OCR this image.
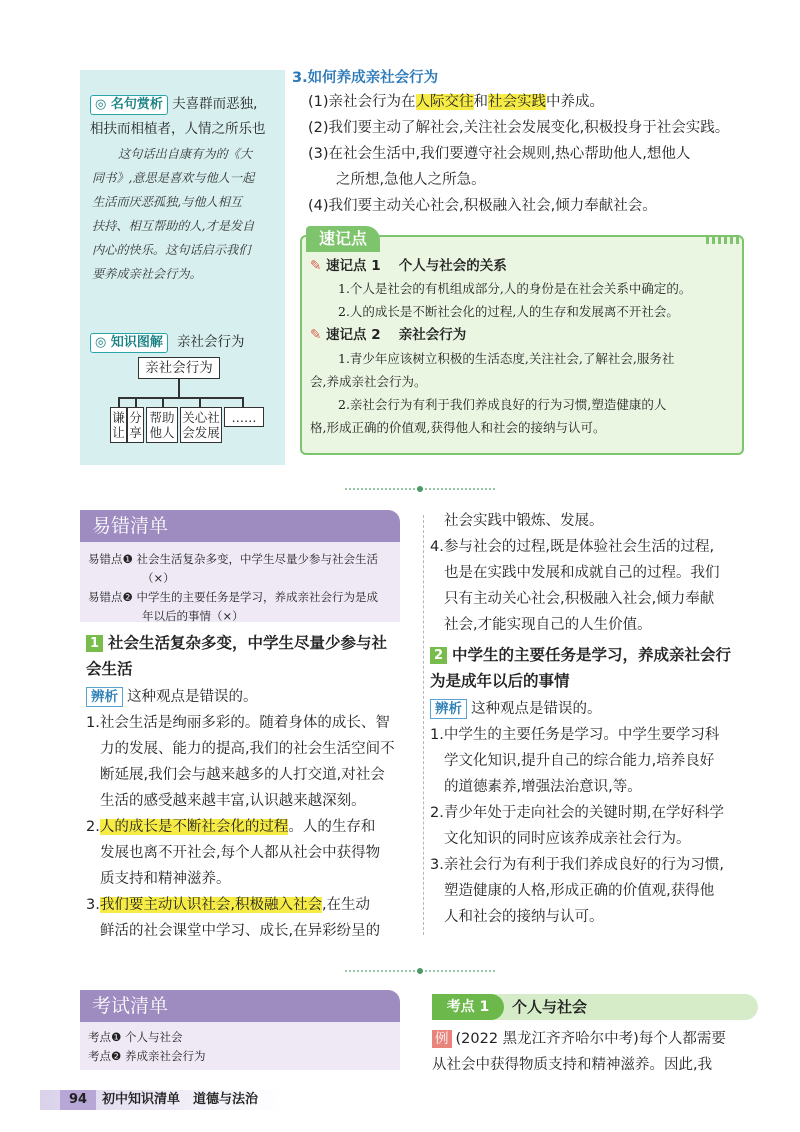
◎ 名句赏析 夫喜群而恶独,
相扶而相植者，人情之所乐也
这句话出自康有为的《大
同书》,意思是喜欢与他人一起
生活而厌恶孤独,与他人相互
扶持、相互帮助的人,才是发自
内心的快乐。这句话启示我们
要养成亲社会行为。
◎ 知识图解 亲社会行为
亲社会行为
谦
让
分
享
帮助
他人
关心社
会发展
……
3.如何养成亲社会行为
(1)亲社会行为在人际交往和社会实践中养成。
(2)我们要主动了解社会,关注社会发展变化,积极投身于社会实践。
(3)在社会生活中,我们要遵守社会规则,热心帮助他人,想他人
之所想,急他人之所急。
(4)我们要主动关心社会,积极融入社会,倾力奉献社会。
速记点
✎ 速记点 1 　个人与社会的关系
1.个人是社会的有机组成部分,人的身份是在社会关系中确定的。
2.人的成长是不断社会化的过程,人的生存和发展离不开社会。
✎ 速记点 2 　亲社会行为
1.青少年应该树立积极的生活态度,关注社会,了解社会,服务社
会,养成亲社会行为。
2.亲社会行为有利于我们养成良好的行为习惯,塑造健康的人
格,形成正确的价值观,获得他人和社会的接纳与认可。
易错清单
易错点❶ 社会生活复杂多变，中学生尽量少参与社会生活
（×）
易错点❷ 中学生的主要任务是学习，养成亲社会行为是成
年以后的事情（×）
1 社会生活复杂多变，中学生尽量少参与社
会生活
辨析 这种观点是错误的。
1.社会生活是绚丽多彩的。随着身体的成长、智
力的发展、能力的提高,我们的社会生活空间不
断延展,我们会与越来越多的人打交道,对社会
生活的感受越来越丰富,认识越来越深刻。
2.人的成长是不断社会化的过程。人的生存和
发展也离不开社会,每个人都从社会中获得物
质支持和精神滋养。
3.我们要主动认识社会,积极融入社会,在生动
鲜活的社会课堂中学习、成长,在异彩纷呈的
社会实践中锻炼、发展。
4.参与社会的过程,既是体验社会生活的过程,
也是在实践中发展和成就自己的过程。我们
只有主动关心社会,积极融入社会,倾力奉献
社会,才能实现自己的人生价值。
2 中学生的主要任务是学习，养成亲社会行
为是成年以后的事情
辨析 这种观点是错误的。
1.中学生的主要任务是学习。中学生要学习科
学文化知识,提升自己的综合能力,培养良好
的道德素养,增强法治意识,等。
2.青少年处于走向社会的关键时期,在学好科学
文化知识的同时应该养成亲社会行为。
3.亲社会行为有利于我们养成良好的行为习惯,
塑造健康的人格,形成正确的价值观,获得他
人和社会的接纳与认可。
考试清单
考点❶ 个人与社会
考点❷ 养成亲社会行为
考点 1	个人与社会
例 (2022 黑龙江齐齐哈尔中考)每个人都需要
从社会中获得物质支持和精神滋养。因此,我
94	初中知识清单　道德与法治
